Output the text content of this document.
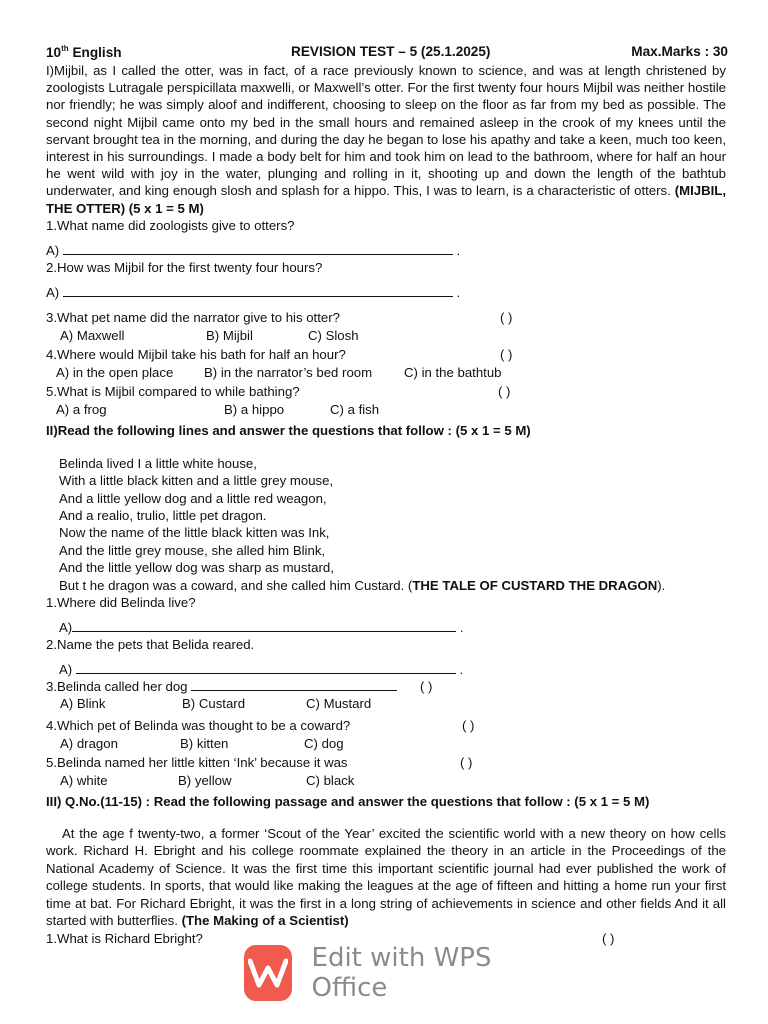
10th English	REVISION TEST – 5 (25.1.2025)	Max.Marks : 30

I)Mijbil, as I called the otter, was in fact, of a race previously known to science, and was at length christened by zoologists Lutragale perspicillata maxwelli, or Maxwell’s otter. For the first twenty four hours Mijbil was neither hostile nor friendly; he was simply aloof and indifferent, choosing to sleep on the floor as far from my bed as possible. The second night Mijbil came onto my bed in the small hours and remained asleep in the crook of my knees until the servant brought tea in the morning, and during the day he began to lose his apathy and take a keen, much too keen, interest in his surroundings. I made a body belt for him and took him on lead to the bathroom, where for half an hour he went wild with joy in the water, plunging and rolling in it, shooting up and down the length of the bathtub underwater, and king enough slosh and splash for a hippo. This, I was to learn, is a characteristic of otters. (MIJBIL, THE OTTER) (5 x 1 = 5 M)

1.What name did zoologists give to otters?

A)	.

2.How was Mijbil for the first twenty four hours?

A)	.

3.What pet name did the narrator give to his otter?	( )

A) Maxwell	B) Mijbil	C) Slosh

4.Where would Mijbil take his bath for half an hour?	( )

A) in the open place B) in the narrator’s bed room C) in the bathtub

5.What is Mijbil compared to while bathing?	( )

A) a frog	B) a hippo	C) a fish

II)Read the following lines and answer the questions that follow : (5 x 1 = 5 M)

Belinda lived I a little white house,

With a little black kitten and a little grey mouse,

And a little yellow dog and a little red weagon,

And a realio, trulio, little pet dragon.

Now the name of the little black kitten was Ink,

And the little grey mouse, she alled him Blink,

And the little yellow dog was sharp as mustard,

But t he dragon was a coward, and she called him Custard. (THE TALE OF CUSTARD THE DRAGON).

1.Where did Belinda live?

A)	.

2.Name the pets that Belida reared.

A)	.

3.Belinda called her dog	( )

A) Blink	B) Custard	C) Mustard

4.Which pet of Belinda was thought to be a coward?	( )

A) dragon	B) kitten	C) dog

5.Belinda named her little kitten ‘Ink’ because it was	( )

A) white	B) yellow	C) black

III) Q.No.(11-15) : Read the following passage and answer the questions that follow : (5 x 1 = 5 M)

At the age f twenty-two, a former ‘Scout of the Year’ excited the scientific world with a new theory on how cells work. Richard H. Ebright and his college roommate explained the theory in an article in the Proceedings of the National Academy of Science. It was the first time this important scientific journal had ever published the work of college students. In sports, that would like making the leagues at the age of fifteen and hitting a home run your first time at bat. For Richard Ebright, it was the first in a long string of achievements in science and other fields And it all started with butterflies. (The Making of a Scientist)

1.What is Richard Ebright?	( )

Edit with WPS Office
